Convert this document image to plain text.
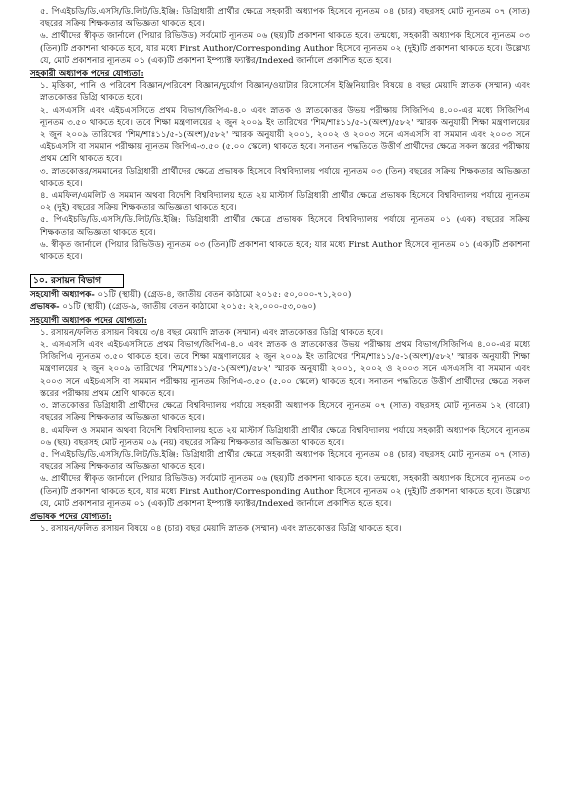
৫. পিএইচডি/ডি.এসসি/ডি.লিট/ডি.ইঞ্জি: ডিগ্রিধারী প্রার্থীর ক্ষেত্রে সহকারী অধ্যাপক হিসেবে ন্যূনতম ০৪ (চার) বছরসহ মোট ন্যূনতম ০৭ (সাত) বছরের সক্রিয় শিক্ষকতার অভিজ্ঞতা থাকতে হবে।

৬. প্রার্থীদের স্বীকৃত জার্নালে (পিয়ার রিভিউড) সর্বমোট ন্যূনতম ০৬ (ছয়)টি প্রকাশনা থাকতে হবে। তন্মধ্যে, সহকারী অধ্যাপক হিসেবে ন্যূনতম ০৩ (তিন)টি প্রকাশনা থাকতে হবে, যার মধ্যে First Author/Corresponding Author হিসেবে ন্যূনতম ০২ (দুই)টি প্রকাশনা থাকতে হবে। উল্লেখ্য যে, মোট প্রকাশনার ন্যূনতম ০১ (এক)টি প্রকাশনা ইম্প্যাক্ট ফ্যাক্টর/Indexed জার্নালে প্রকাশিত হতে হবে।

সহকারী অধ্যাপক পদের যোগ্যতা:

১. মৃত্তিকা, পানি ও পরিবেশ বিজ্ঞান/পরিবেশ বিজ্ঞান/দুর্যোগ বিজ্ঞান/ওয়াটার রিসোর্সেস ইঞ্জিনিয়ারিং বিষয়ে ৪ বছর মেয়াদি স্নাতক (সম্মান) এবং স্নাতকোত্তর ডিগ্রি থাকতে হবে।

২. এসএসসি এবং এইচএসসিতে প্রথম বিভাগ/জিপিএ-৪.০ এবং স্নাতক ও স্নাতকোত্তর উভয় পরীক্ষায় সিজিপিএ ৪.০০-এর মধ্যে সিজিপিএ ন্যূনতম ৩.৫০ থাকতে হবে। তবে শিক্ষা মন্ত্রণালয়ের ২ জুন ২০০৯ ইং তারিখের 'শিম/শাঃ১১/৫-১(অংশ)/৫৮২' স্মারক অনুযায়ী শিক্ষা মন্ত্রণালয়ের ২ জুন ২০০৯ তারিখের 'শিম/শাঃ১১/৫-১(অংশ)/৫৮২' স্মারক অনুযায়ী ২০০১, ২০০২ ও ২০০৩ সনে এসএসসি বা সমমান এবং ২০০৩ সনে এইচএসসি বা সমমান পরীক্ষায় ন্যূনতম জিপিএ-৩.৫০ (৫.০০ স্কেলে) থাকতে হবে। সনাতন পদ্ধতিতে উত্তীর্ণ প্রার্থীদের ক্ষেত্রে সকল স্তরের পরীক্ষায় প্রথম শ্রেণি থাকতে হবে।

৩. স্নাতকোত্তর/সমমানের ডিগ্রিধারী প্রার্থীদের ক্ষেত্রে প্রভাষক হিসেবে বিশ্ববিদ্যালয় পর্যায়ে ন্যূনতম ০৩ (তিন) বছরের সক্রিয় শিক্ষকতার অভিজ্ঞতা থাকতে হবে।

৪. এমফিল/এমলিট ও সমমান অথবা বিদেশি বিশ্ববিদ্যালয় হতে ২য় মাস্টার্স ডিগ্রিধারী প্রার্থীর ক্ষেত্রে প্রভাষক হিসেবে বিশ্ববিদ্যালয় পর্যায়ে ন্যূনতম ০২ (দুই) বছরের সক্রিয় শিক্ষকতার অভিজ্ঞতা থাকতে হবে।

৫. পিএইচডি/ডি.এসসি/ডি.লিট/ডি.ইঞ্জি: ডিগ্রিধারী প্রার্থীর ক্ষেত্রে প্রভাষক হিসেবে বিশ্ববিদ্যালয় পর্যায়ে ন্যূনতম ০১ (এক) বছরের সক্রিয় শিক্ষকতার অভিজ্ঞতা থাকতে হবে।

৬. স্বীকৃত জার্নালে (পিয়ার রিভিউড) ন্যূনতম ০৩ (তিন)টি প্রকাশনা থাকতে হবে; যার মধ্যে First Author হিসেবে ন্যূনতম ০১ (এক)টি প্রকাশনা থাকতে হবে।

১০. রসায়ন বিভাগ

সহযোগী অধ্যাপক- ০১টি (স্থায়ী) (গ্রেড-৪, জাতীয় বেতন কাঠামো ২০১৫: ৫০,০০০-৭১,২০০)

প্রভাষক- ০১টি (স্থায়ী) (গ্রেড-৯, জাতীয় বেতন কাঠামো ২০১৫: ২২,০০০-৫৩,০৬০)

সহযোগী অধ্যাপক পদের যোগ্যতা:

১. রসায়ন/ফলিত রসায়ন বিষয়ে ৩/৪ বছর মেয়াদি স্নাতক (সম্মান) এবং স্নাতকোত্তর ডিগ্রি থাকতে হবে।

২. এসএসসি এবং এইচএসসিতে প্রথম বিভাগ/জিপিএ-৪.০ এবং স্নাতক ও স্নাতকোত্তর উভয় পরীক্ষায় প্রথম বিভাগ/সিজিপিএ ৪.০০-এর মধ্যে সিজিপিএ ন্যূনতম ৩.৫০ থাকতে হবে। তবে শিক্ষা মন্ত্রণালয়ের ২ জুন ২০০৯ ইং তারিখের 'শিম/শাঃ১১/৫-১(অংশ)/৫৮২' স্মারক অনুযায়ী শিক্ষা মন্ত্রণালয়ের ২ জুন ২০০৯ তারিখের 'শিম/শাঃ১১/৫-১(অংশ)/৫৮২' স্মারক অনুযায়ী ২০০১, ২০০২ ও ২০০৩ সনে এসএসসি বা সমমান এবং ২০০৩ সনে এইচএসসি বা সমমান পরীক্ষায় ন্যূনতম জিপিএ-৩.৫০ (৫.০০ স্কেলে) থাকতে হবে। সনাতন পদ্ধতিতে উত্তীর্ণ প্রার্থীদের ক্ষেত্রে সকল স্তরের পরীক্ষায় প্রথম শ্রেণি থাকতে হবে।

৩. স্নাতকোত্তর ডিগ্রিধারী প্রার্থীদের ক্ষেত্রে বিশ্ববিদ্যালয় পর্যায়ে সহকারী অধ্যাপক হিসেবে ন্যূনতম ০৭ (সাত) বছরসহ মোট ন্যূনতম ১২ (বারো) বছরের সক্রিয় শিক্ষকতার অভিজ্ঞতা থাকতে হবে।

৪. এমফিল ও সমমান অথবা বিদেশি বিশ্ববিদ্যালয় হতে ২য় মাস্টার্স ডিগ্রিধারী প্রার্থীর ক্ষেত্রে বিশ্ববিদ্যালয় পর্যায়ে সহকারী অধ্যাপক হিসেবে ন্যূনতম ০৬ (ছয়) বছরসহ মোট ন্যূনতম ০৯ (নয়) বছরের সক্রিয় শিক্ষকতার অভিজ্ঞতা থাকতে হবে।

৫. পিএইচডি/ডি.এসসি/ডি.লিট/ডি.ইঞ্জি: ডিগ্রিধারী প্রার্থীর ক্ষেত্রে সহকারী অধ্যাপক হিসেবে ন্যূনতম ০৪ (চার) বছরসহ মোট ন্যূনতম ০৭ (সাত) বছরের সক্রিয় শিক্ষকতার অভিজ্ঞতা থাকতে হবে।

৬. প্রার্থীদের স্বীকৃত জার্নালে (পিয়ার রিভিউড) সর্বমোট ন্যূনতম ০৬ (ছয়)টি প্রকাশনা থাকতে হবে। তন্মধ্যে, সহকারী অধ্যাপক হিসেবে ন্যূনতম ০৩ (তিন)টি প্রকাশনা থাকতে হবে, যার মধ্যে First Author/Corresponding Author হিসেবে ন্যূনতম ০২ (দুই)টি প্রকাশনা থাকতে হবে। উল্লেখ্য যে, মোট প্রকাশনার ন্যূনতম ০১ (এক)টি প্রকাশনা ইম্প্যাক্ট ফ্যাক্টর/Indexed জার্নালে প্রকাশিত হতে হবে।

প্রভাষক পদের যোগ্যতা:

১. রসায়ন/ফলিত রসায়ন বিষয়ে ০৪ (চার) বছর মেয়াদি স্নাতক (সম্মান) এবং স্নাতকোত্তর ডিগ্রি থাকতে হবে।
